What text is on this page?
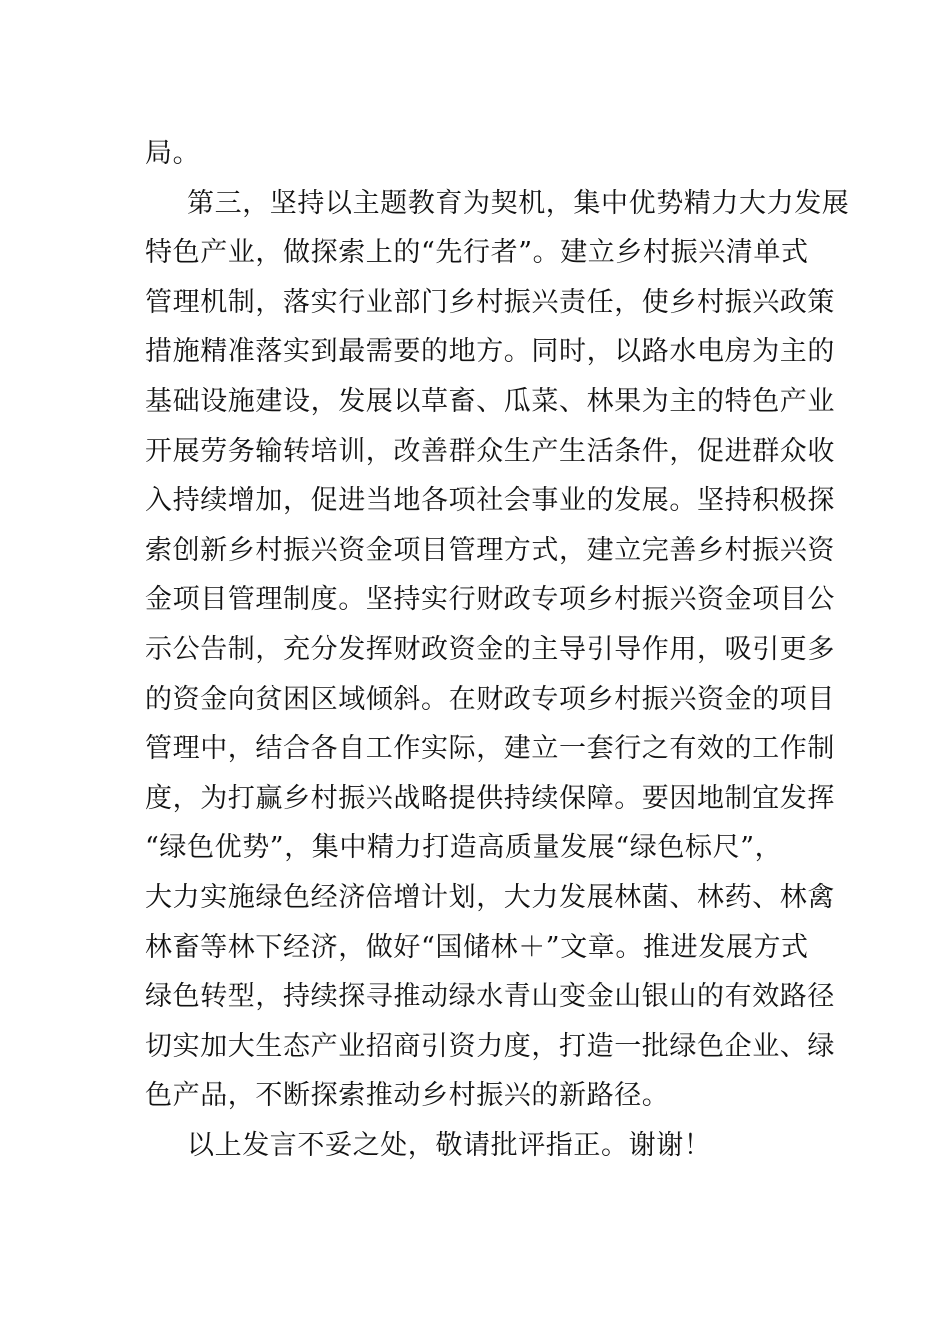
局。
第三，坚持以主题教育为契机，集中优势精力大力发展
特色产业，做探索上的“先行者”。建立乡村振兴清单式
管理机制，落实行业部门乡村振兴责任，使乡村振兴政策
措施精准落实到最需要的地方。同时，以路水电房为主的
基础设施建设，发展以草畜、瓜菜、林果为主的特色产业
开展劳务输转培训，改善群众生产生活条件，促进群众收
入持续增加，促进当地各项社会事业的发展。坚持积极探
索创新乡村振兴资金项目管理方式，建立完善乡村振兴资
金项目管理制度。坚持实行财政专项乡村振兴资金项目公
示公告制，充分发挥财政资金的主导引导作用，吸引更多
的资金向贫困区域倾斜。在财政专项乡村振兴资金的项目
管理中，结合各自工作实际，建立一套行之有效的工作制
度，为打赢乡村振兴战略提供持续保障。要因地制宜发挥
“绿色优势”，集中精力打造高质量发展“绿色标尺”，
大力实施绿色经济倍增计划，大力发展林菌、林药、林禽
林畜等林下经济，做好“国储林＋”文章。推进发展方式
绿色转型，持续探寻推动绿水青山变金山银山的有效路径
切实加大生态产业招商引资力度，打造一批绿色企业、绿
色产品，不断探索推动乡村振兴的新路径。
以上发言不妥之处，敬请批评指正。谢谢！
